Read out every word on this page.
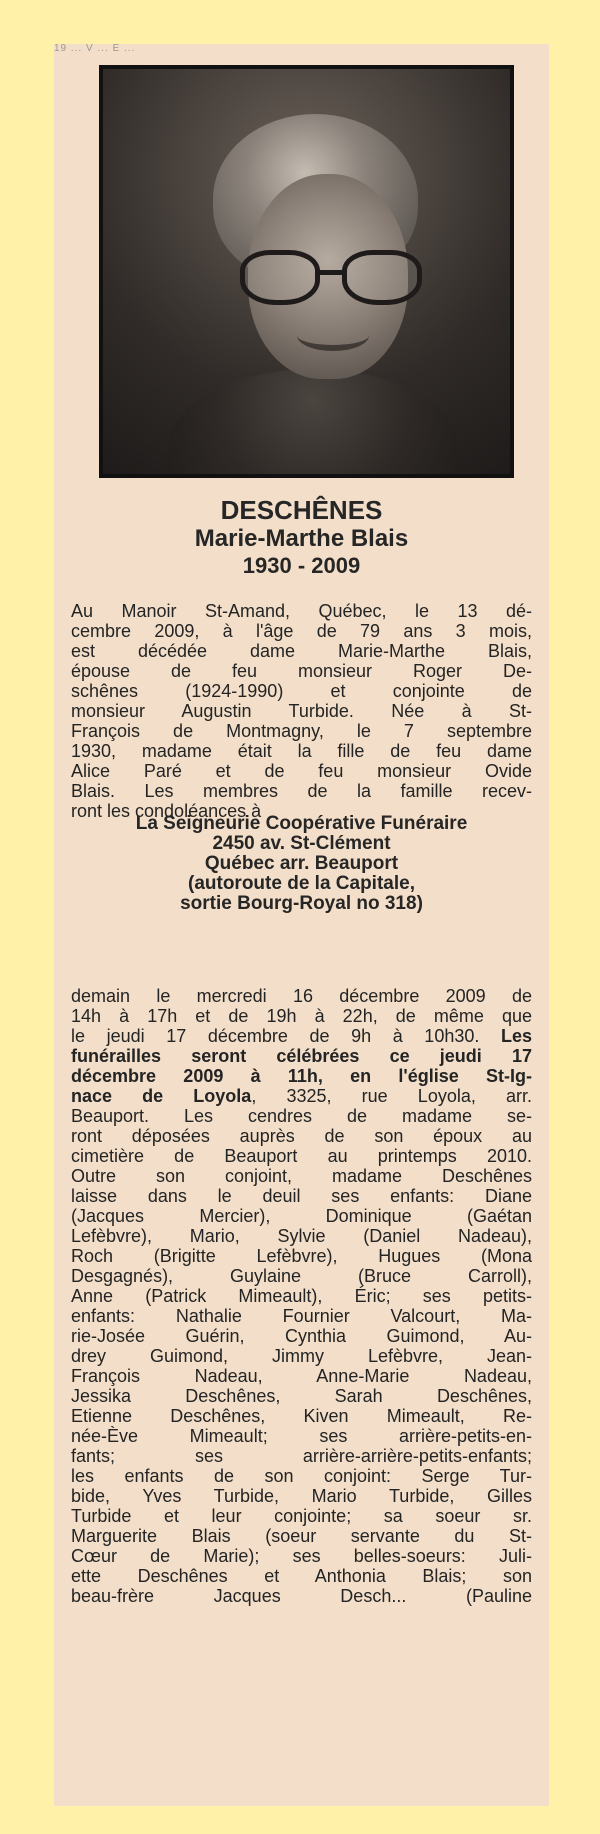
19 ... V ... E ...
DESCHÊNES
Marie-Marthe Blais
1930 - 2009
Au Manoir St-Amand, Québec, le 13 dé-
cembre 2009, à l'âge de 79 ans 3 mois,
est décédée dame Marie-Marthe Blais,
épouse de feu monsieur Roger De-
schênes (1924-1990) et conjointe de
monsieur Augustin Turbide. Née à St-
François de Montmagny, le 7 septembre
1930, madame était la fille de feu dame
Alice Paré et de feu monsieur Ovide
Blais. Les membres de la famille recev-
ront les condoléances à
La Seigneurie Coopérative Funéraire
2450 av. St-Clément
Québec arr. Beauport
(autoroute de la Capitale,
sortie Bourg-Royal no 318)
demain le mercredi 16 décembre 2009 de
14h à 17h et de 19h à 22h, de même que
le jeudi 17 décembre de 9h à 10h30. Les
funérailles seront célébrées ce jeudi 17
décembre 2009 à 11h, en l'église St-Ig-
nace de Loyola, 3325, rue Loyola, arr.
Beauport. Les cendres de madame se-
ront déposées auprès de son époux au
cimetière de Beauport au printemps 2010.
Outre son conjoint, madame Deschênes
laisse dans le deuil ses enfants: Diane
(Jacques Mercier), Dominique (Gaétan
Lefèbvre), Mario, Sylvie (Daniel Nadeau),
Roch (Brigitte Lefèbvre), Hugues (Mona
Desgagnés), Guylaine (Bruce Carroll),
Anne (Patrick Mimeault), Éric; ses petits-
enfants: Nathalie Fournier Valcourt, Ma-
rie-Josée Guérin, Cynthia Guimond, Au-
drey Guimond, Jimmy Lefèbvre, Jean-
François Nadeau, Anne-Marie Nadeau,
Jessika Deschênes, Sarah Deschênes,
Etienne Deschênes, Kiven Mimeault, Re-
née-Ève Mimeault; ses arrière-petits-en-
fants; ses arrière-arrière-petits-enfants;
les enfants de son conjoint: Serge Tur-
bide, Yves Turbide, Mario Turbide, Gilles
Turbide et leur conjointe; sa soeur sr.
Marguerite Blais (soeur servante du St-
Cœur de Marie); ses belles-soeurs: Juli-
ette Deschênes et Anthonia Blais; son
beau-frère Jacques Desch... (Pauline
